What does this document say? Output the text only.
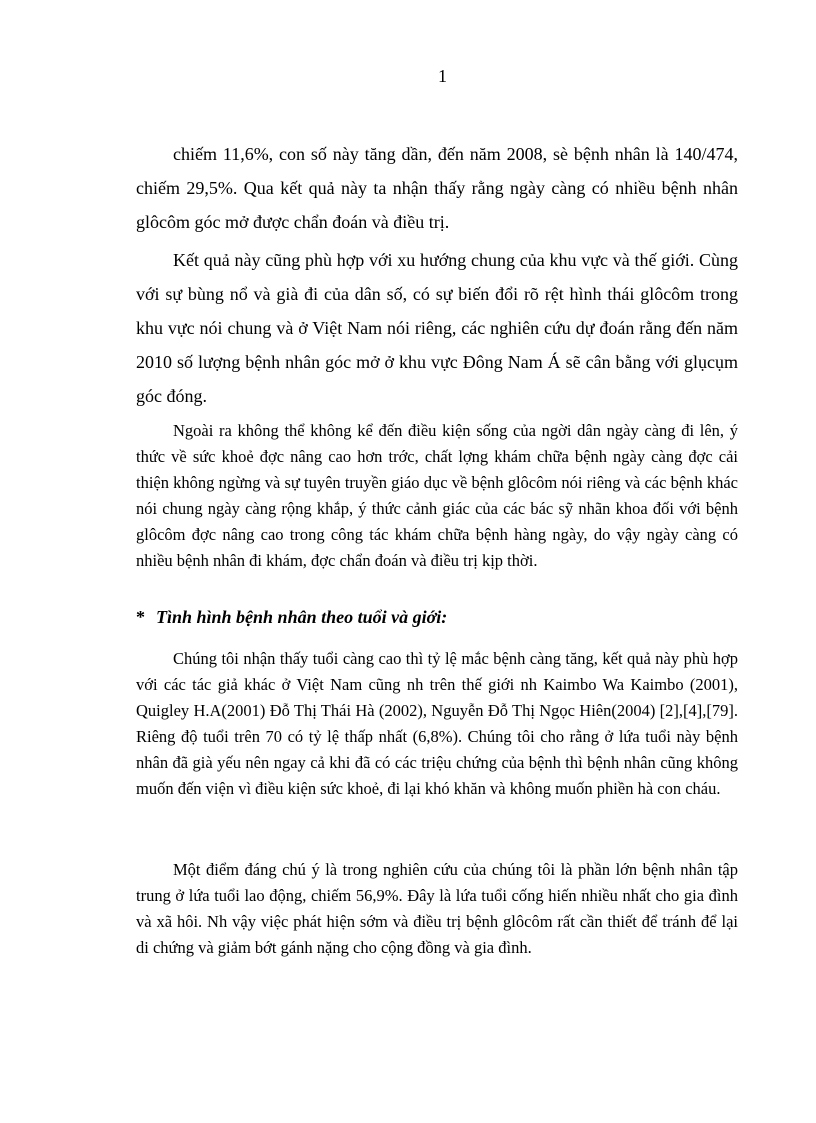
1

chiếm 11,6%, con số này tăng dần, đến năm 2008, sè bệnh nhân là 140/474, chiếm 29,5%. Qua kết quả này ta nhận thấy rằng ngày càng có nhiều bệnh nhân glôcôm góc mở được chẩn đoán và điều trị.

Kết quả này cũng phù hợp với xu hướng chung của khu vực và thế giới. Cùng với sự bùng nổ và già đi của dân số, có sự biến đổi rõ rệt hình thái glôcôm trong khu vực nói chung và ở Việt Nam nói riêng, các nghiên cứu dự đoán rằng đến năm 2010 số lượng bệnh nhân góc mở ở khu vực Đông Nam Á sẽ cân bằng với glụcụm góc đóng.

Ngoài ra không thể không kể đến điều kiện sống của ngời dân ngày càng đi lên, ý thức về sức khoẻ đợc nâng cao hơn trớc, chất lợng khám chữa bệnh ngày càng đợc cải thiện không ngừng và sự tuyên truyền giáo dục về bệnh glôcôm nói riêng và các bệnh khác nói chung ngày càng rộng khắp, ý thức cảnh giác của các bác sỹ nhãn khoa đối với bệnh glôcôm đợc nâng cao trong công tác khám chữa bệnh hàng ngày, do vậy ngày càng có nhiều bệnh nhân đi khám, đợc chẩn đoán và điều trị kịp thời.

* Tình hình bệnh nhân theo tuổi và giới:

Chúng tôi nhận thấy tuổi càng cao thì tỷ lệ mắc bệnh càng tăng, kết quả này phù hợp với các tác giả khác ở Việt Nam cũng nh trên thế giới nh Kaimbo Wa Kaimbo (2001), Quigley H.A(2001) Đỗ Thị Thái Hà (2002), Nguyễn Đỗ Thị Ngọc Hiên(2004) [2],[4],[79]. Riêng độ tuổi trên 70 có tỷ lệ thấp nhất (6,8%). Chúng tôi cho rằng ở lứa tuổi này bệnh nhân đã già yếu nên ngay cả khi đã có các triệu chứng của bệnh thì bệnh nhân cũng không muốn đến viện vì điều kiện sức khoẻ, đi lại khó khăn và không muốn phiền hà con cháu.

Một điểm đáng chú ý là trong nghiên cứu của chúng tôi là phần lớn bệnh nhân tập trung ở lứa tuổi lao động, chiếm 56,9%. Đây là lứa tuổi cống hiến nhiều nhất cho gia đình và xã hôi. Nh vậy việc phát hiện sớm và điều trị bệnh glôcôm rất cần thiết để tránh để lại di chứng và giảm bớt gánh nặng cho cộng đồng và gia đình.
